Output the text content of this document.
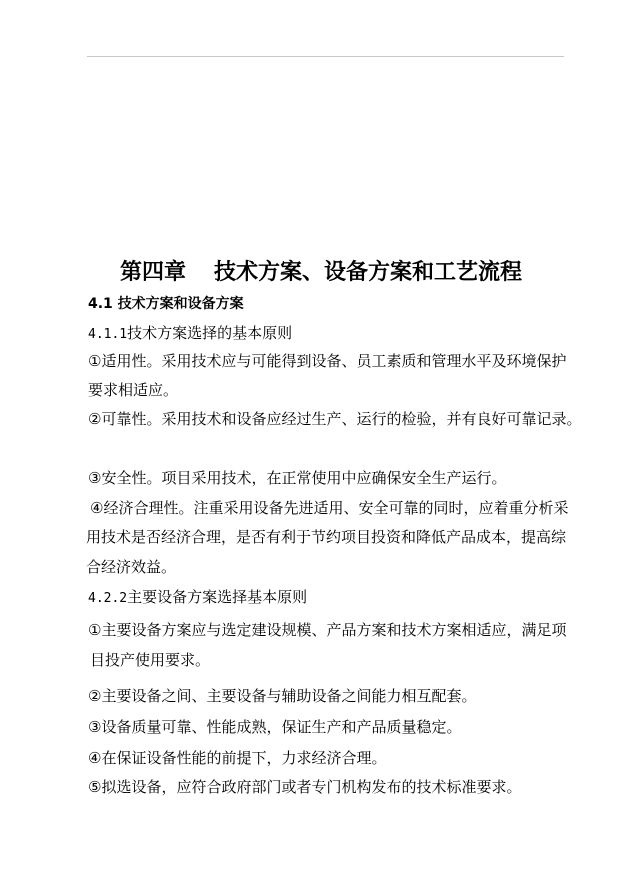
第四章 技术方案、设备方案和工艺流程
4.1 技术方案和设备方案
4.1.1技术方案选择的基本原则
①适用性。采用技术应与可能得到设备、员工素质和管理水平及环境保护
要求相适应。
②可靠性。采用技术和设备应经过生产、运行的检验，并有良好可靠记录。
③安全性。项目采用技术，在正常使用中应确保安全生产运行。
④经济合理性。注重采用设备先进适用、安全可靠的同时，应着重分析采
用技术是否经济合理，是否有利于节约项目投资和降低产品成本，提高综
合经济效益。
4.2.2主要设备方案选择基本原则
①主要设备方案应与选定建设规模、产品方案和技术方案相适应，满足项
目投产使用要求。
②主要设备之间、主要设备与辅助设备之间能力相互配套。
③设备质量可靠、性能成熟，保证生产和产品质量稳定。
④在保证设备性能的前提下，力求经济合理。
⑤拟选设备，应符合政府部门或者专门机构发布的技术标准要求。
